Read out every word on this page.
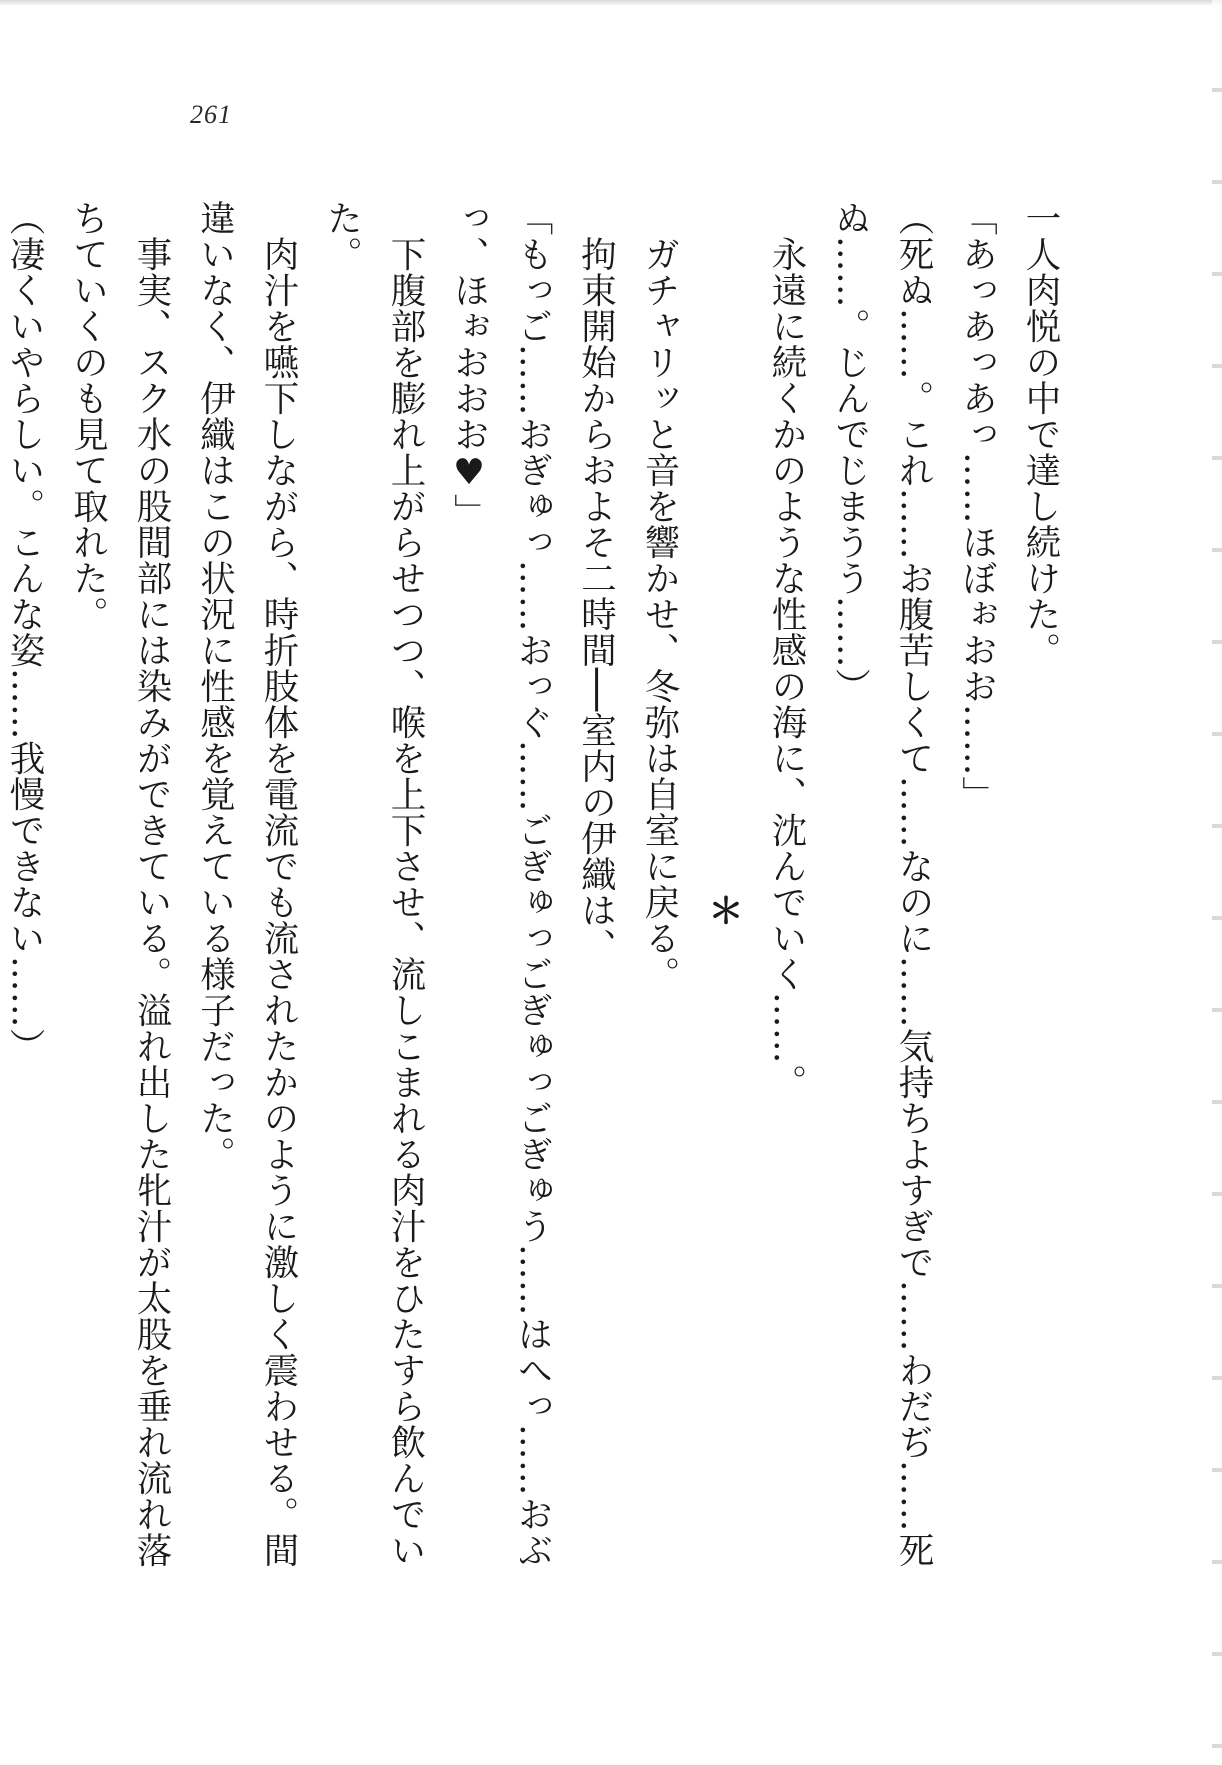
261

一人肉悦の中で達し続けた。

「あっあっあっ……ほぼぉおお……」

（死ぬ……。これ……お腹苦しくて……なのに……気持ちよすぎで……わだぢ……死

ぬ……。じんでじまうう……）

　永遠に続くかのような性感の海に、沈んでいく……。

＊

　ガチャリッと音を響かせ、冬弥は自室に戻る。

　拘束開始からおよそ二時間──室内の伊織は、

「もっご……おぎゅっ……おっぐ……ごぎゅっごぎゅっごぎゅう……はへっ……おぶ

っ、ほぉおおお♥」

　下腹部を膨れ上がらせつつ、喉を上下させ、流しこまれる肉汁をひたすら飲んでい

た。

　肉汁を嚥下しながら、時折肢体を電流でも流されたかのように激しく震わせる。間

違いなく、伊織はこの状況に性感を覚えている様子だった。

　事実、スク水の股間部には染みができている。溢れ出した牝汁が太股を垂れ流れ落

ちていくのも見て取れた。

（凄くいやらしい。こんな姿……我慢できない……）
